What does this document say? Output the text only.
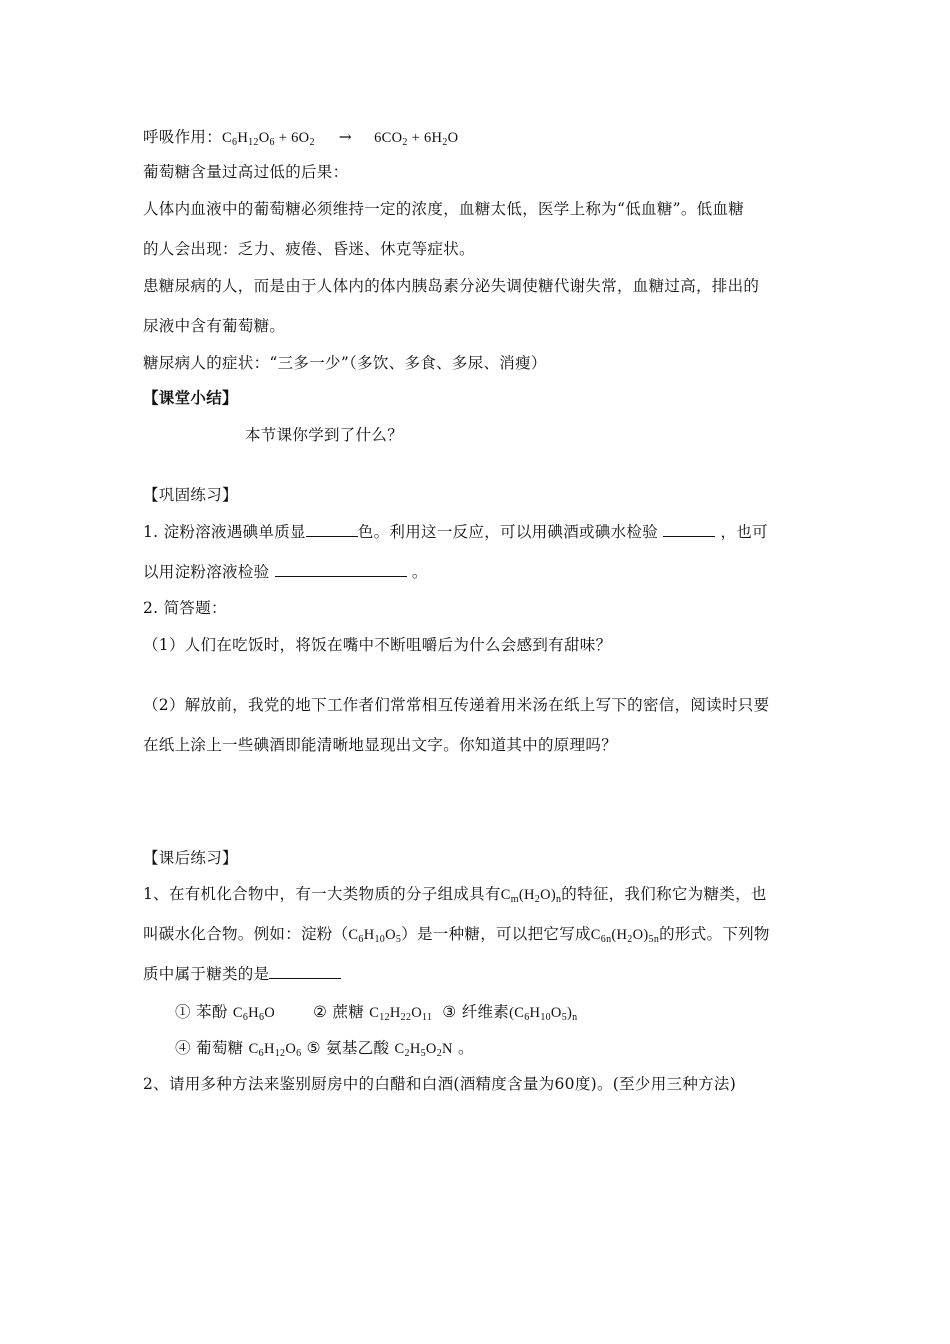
呼吸作用：$C_6H_{12}O_6 + 6O_2 \to 6CO_2 + 6H_2O$
葡萄糖含量过高过低的后果：
人体内血液中的葡萄糖必须维持一定的浓度，血糖太低，医学上称为“低血糖”。低血糖
的人会出现：乏力、疲倦、昏迷、休克等症状。
患糖尿病的人，而是由于人体内的体内胰岛素分泌失调使糖代谢失常，血糖过高，排出的
尿液中含有葡萄糖。
糖尿病人的症状：“三多一少”（多饮、多食、多尿、消瘦）
【课堂小结】
本节课你学到了什么？
【巩固练习】
1. 淀粉溶液遇碘单质显	色。利用这一反应，可以用碘酒或碘水检验	，也可
以用淀粉溶液检验	。
2. 简答题：
（1）人们在吃饭时，将饭在嘴中不断咀嚼后为什么会感到有甜味？
（2）解放前，我党的地下工作者们常常相互传递着用米汤在纸上写下的密信，阅读时只要
在纸上涂上一些碘酒即能清晰地显现出文字。你知道其中的原理吗？
【课后练习】
1、在有机化合物中，有一大类物质的分子组成具有$C_m(H_2O)_n$的特征，我们称它为糖类，也
叫碳水化合物。例如：淀粉$(C_6H_{10}O_5)$是一种糖，可以把它写成$C_{6n}(H_2O)_{5n}$的形式。下列物
质中属于糖类的是
① 苯酚 $C_6H_6O$ ② 蔗糖 $C_{12}H_{22}O_{11}$ ③ 纤维素$(C_6H_{10}O_5)_n$
④ 葡萄糖 $C_6H_{12}O_6$ ⑤ 氨基乙酸 $C_2H_5O_2N$ 。
2、请用多种方法来鉴别厨房中的白醋和白酒(酒精度含量为60度)。(至少用三种方法)
